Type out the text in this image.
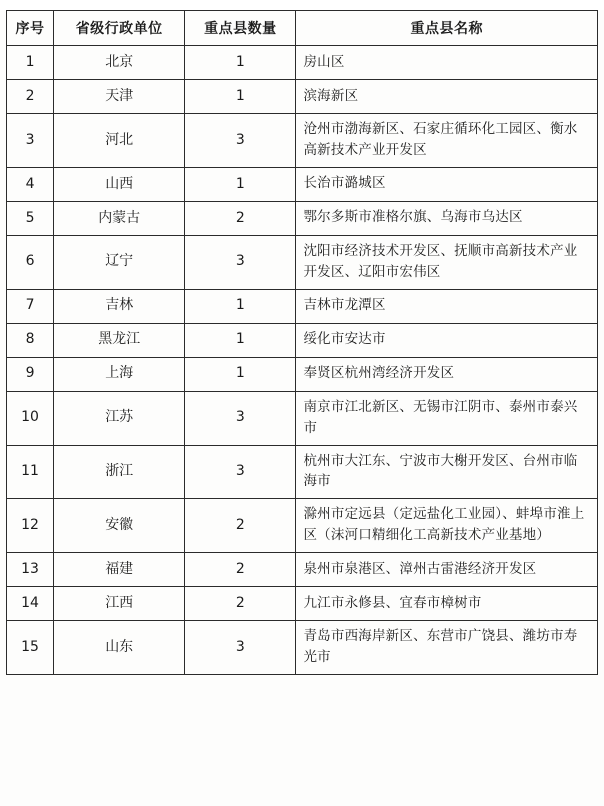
序号	省级行政单位	重点县数量	重点县名称
1	北京	1	房山区

2	天津	1	滨海新区

3	河北	3	沧州市渤海新区、石家庄循环化工园区、衡水高新技术产业开发区

4	山西	1	长治市潞城区

5	内蒙古	2	鄂尔多斯市准格尔旗、乌海市乌达区

6	辽宁	3	沈阳市经济技术开发区、抚顺市高新技术产业开发区、辽阳市宏伟区

7	吉林	1	吉林市龙潭区

8	黑龙江	1	绥化市安达市

9	上海	1	奉贤区杭州湾经济开发区

10	江苏	3	南京市江北新区、无锡市江阴市、泰州市泰兴市

11	浙江	3	杭州市大江东、宁波市大榭开发区、台州市临海市

12	安徽	2	滁州市定远县（定远盐化工业园）、蚌埠市淮上区（沫河口精细化工高新技术产业基地）

13	福建	2	泉州市泉港区、漳州古雷港经济开发区

14	江西	2	九江市永修县、宜春市樟树市

15	山东	3	青岛市西海岸新区、东营市广饶县、潍坊市寿光市
